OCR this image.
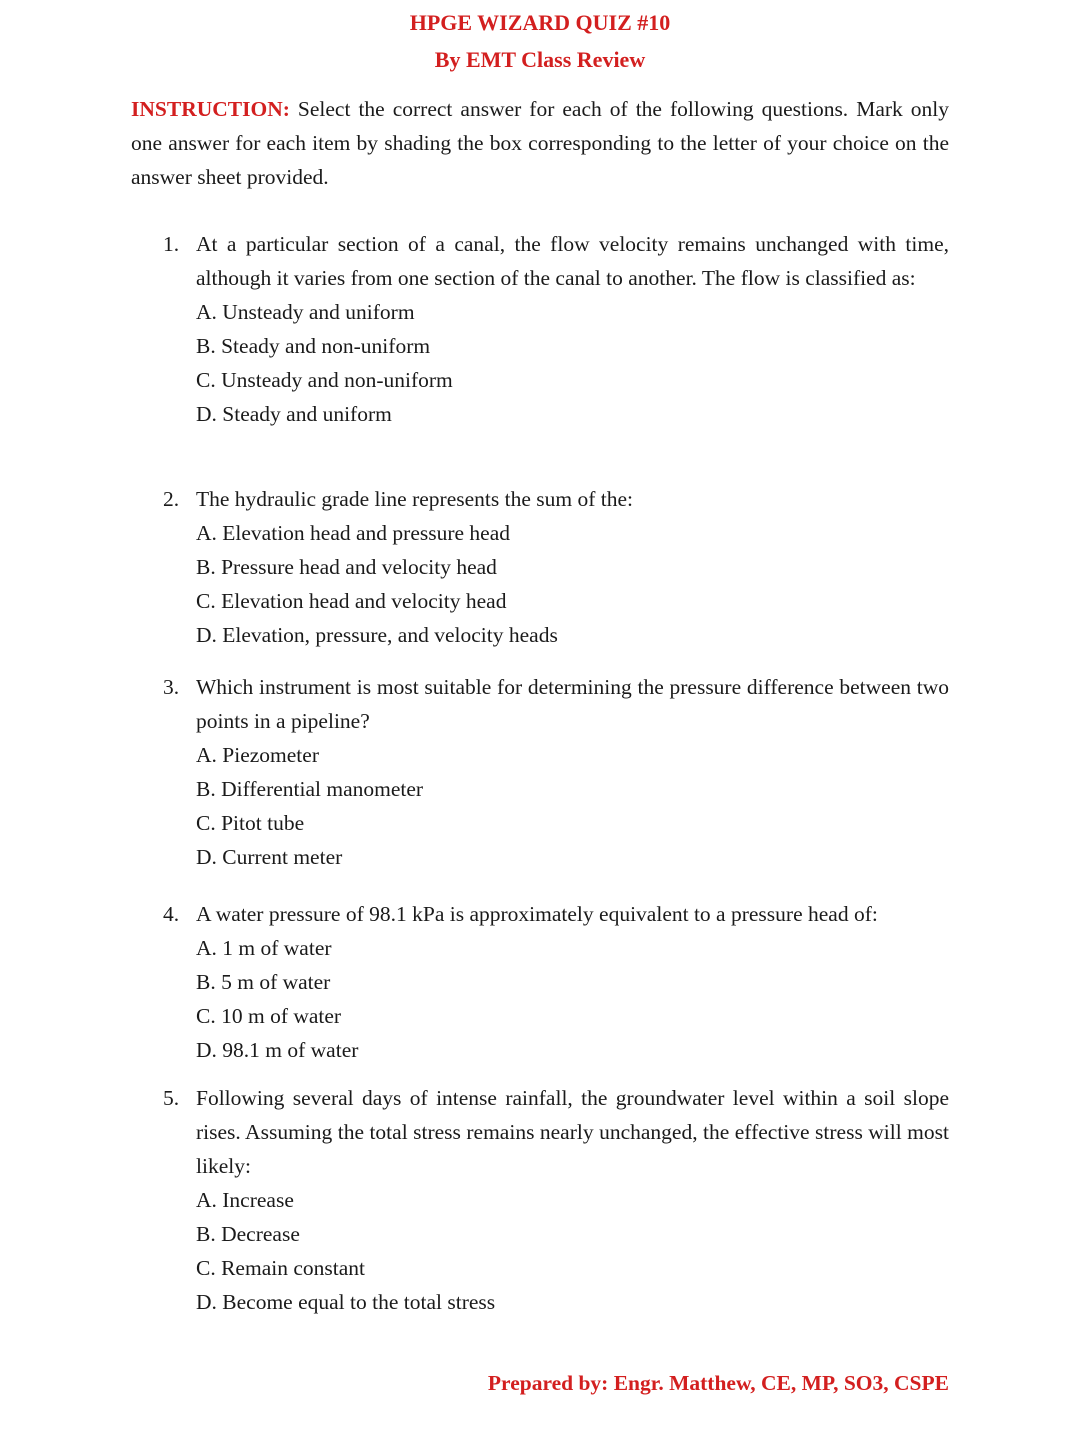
HPGE WIZARD QUIZ #10
By EMT Class Review

INSTRUCTION: Select the correct answer for each of the following questions. Mark only one answer for each item by shading the box corresponding to the letter of your choice on the answer sheet provided.

1. At a particular section of a canal, the flow velocity remains unchanged with time, although it varies from one section of the canal to another. The flow is classified as:

A. Unsteady and uniform
B. Steady and non-uniform
C. Unsteady and non-uniform
D. Steady and uniform
2. The hydraulic grade line represents the sum of the:

A. Elevation head and pressure head
B. Pressure head and velocity head
C. Elevation head and velocity head
D. Elevation, pressure, and velocity heads
3. Which instrument is most suitable for determining the pressure difference between two points in a pipeline?

A. Piezometer
B. Differential manometer
C. Pitot tube
D. Current meter
4. A water pressure of 98.1 kPa is approximately equivalent to a pressure head of:

A. 1 m of water
B. 5 m of water
C. 10 m of water
D. 98.1 m of water
5. Following several days of intense rainfall, the groundwater level within a soil slope rises. Assuming the total stress remains nearly unchanged, the effective stress will most likely:

A. Increase
B. Decrease
C. Remain constant
D. Become equal to the total stress

Prepared by: Engr. Matthew, CE, MP, SO3, CSPE
